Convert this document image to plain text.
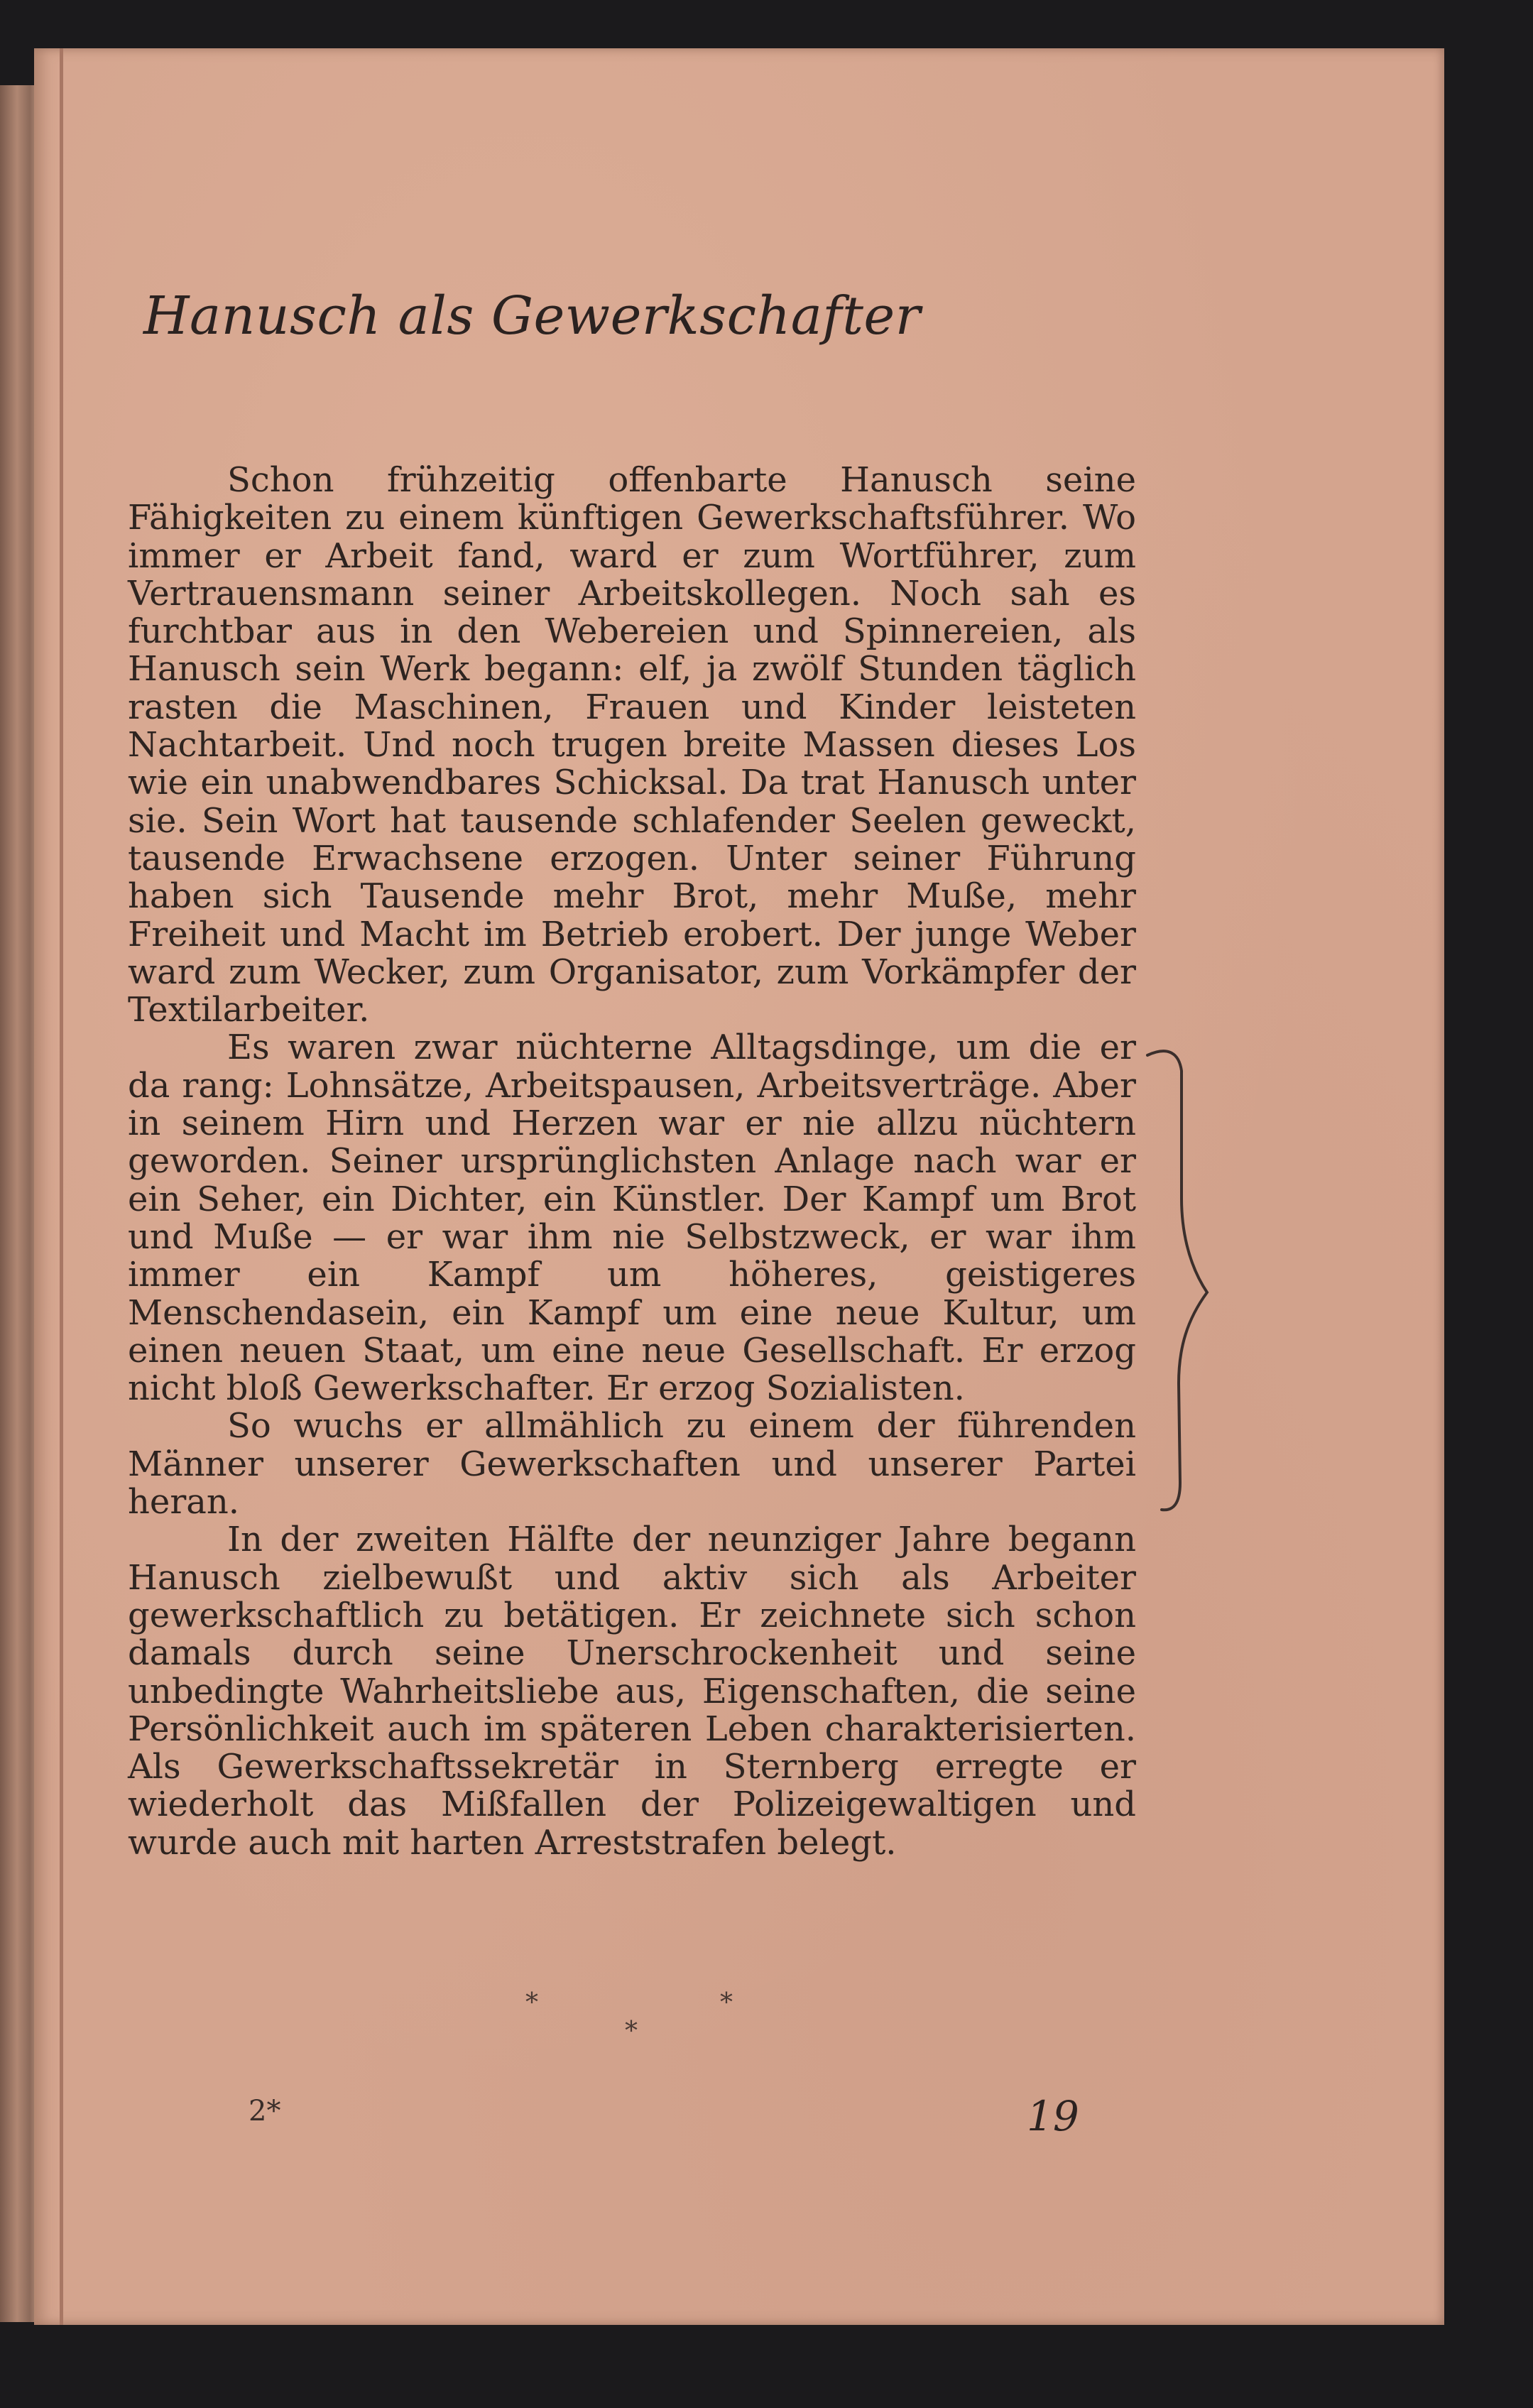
Hanusch als Gewerkschafter

Schon frühzeitig offenbarte Hanusch seine Fähigkeiten zu einem künftigen Gewerkschaftsführer. Wo immer er Arbeit fand, ward er zum Wortführer, zum Vertrauensmann seiner Arbeitskollegen. Noch sah es furchtbar aus in den Webereien und Spinnereien, als Hanusch sein Werk begann: elf, ja zwölf Stunden täglich rasten die Maschinen, Frauen und Kinder leisteten Nachtarbeit. Und noch trugen breite Massen dieses Los wie ein unabwendbares Schicksal. Da trat Hanusch unter sie. Sein Wort hat tausende schlafender Seelen geweckt, tausende Erwachsene erzogen. Unter seiner Führung haben sich Tausende mehr Brot, mehr Muße, mehr Freiheit und Macht im Betrieb erobert. Der junge Weber ward zum Wecker, zum Organisator, zum Vorkämpfer der Textilarbeiter.

Es waren zwar nüchterne Alltagsdinge, um die er da rang: Lohnsätze, Arbeitspausen, Arbeitsverträge. Aber in seinem Hirn und Herzen war er nie allzu nüchtern geworden. Seiner ursprünglichsten Anlage nach war er ein Seher, ein Dichter, ein Künstler. Der Kampf um Brot und Muße — er war ihm nie Selbstzweck, er war ihm immer ein Kampf um höheres, geistigeres Menschendasein, ein Kampf um eine neue Kultur, um einen neuen Staat, um eine neue Gesellschaft. Er erzog nicht bloß Gewerkschafter. Er erzog Sozialisten.

So wuchs er allmählich zu einem der führenden Männer unserer Gewerkschaften und unserer Partei heran.

In der zweiten Hälfte der neunziger Jahre begann Hanusch zielbewußt und aktiv sich als Arbeiter gewerkschaftlich zu betätigen. Er zeichnete sich schon damals durch seine Unerschrockenheit und seine unbedingte Wahrheitsliebe aus, Eigenschaften, die seine Persönlichkeit auch im späteren Leben charakterisierten. Als Gewerkschaftssekretär in Sternberg erregte er wiederholt das Mißfallen der Polizeigewaltigen und wurde auch mit harten Arreststrafen belegt.

*	*
*
2*	19
